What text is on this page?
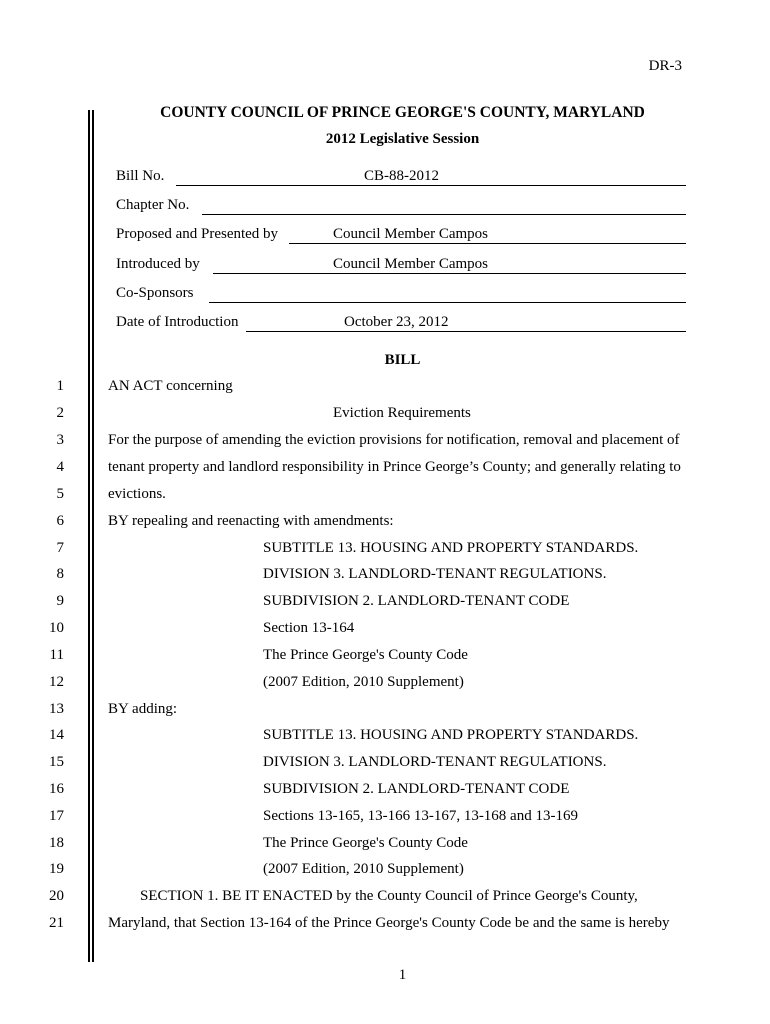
DR-3
COUNTY COUNCIL OF PRINCE GEORGE'S COUNTY, MARYLAND
2012 Legislative Session
Bill No.	CB-88-2012
Chapter No.
Proposed and Presented by	Council Member Campos
Introduced by	Council Member Campos
Co-Sponsors
Date of Introduction	October 23, 2012
BILL
1	AN ACT concerning
2	Eviction Requirements
3	For the purpose of amending the eviction provisions for notification, removal and placement of
4	tenant property and landlord responsibility in Prince George’s County; and generally relating to
5	evictions.
6	BY repealing and reenacting with amendments:
7	SUBTITLE 13. HOUSING AND PROPERTY STANDARDS.
8	DIVISION 3. LANDLORD-TENANT REGULATIONS.
9	SUBDIVISION 2. LANDLORD-TENANT CODE
10	Section 13-164
11	The Prince George's County Code
12	(2007 Edition, 2010 Supplement)
13	BY adding:
14	SUBTITLE 13. HOUSING AND PROPERTY STANDARDS.
15	DIVISION 3. LANDLORD-TENANT REGULATIONS.
16	SUBDIVISION 2. LANDLORD-TENANT CODE
17	Sections 13-165, 13-166 13-167, 13-168 and 13-169
18	The Prince George's County Code
19	(2007 Edition, 2010 Supplement)
20	SECTION 1. BE IT ENACTED by the County Council of Prince George's County,
21	Maryland, that Section 13-164 of the Prince George's County Code be and the same is hereby
1
